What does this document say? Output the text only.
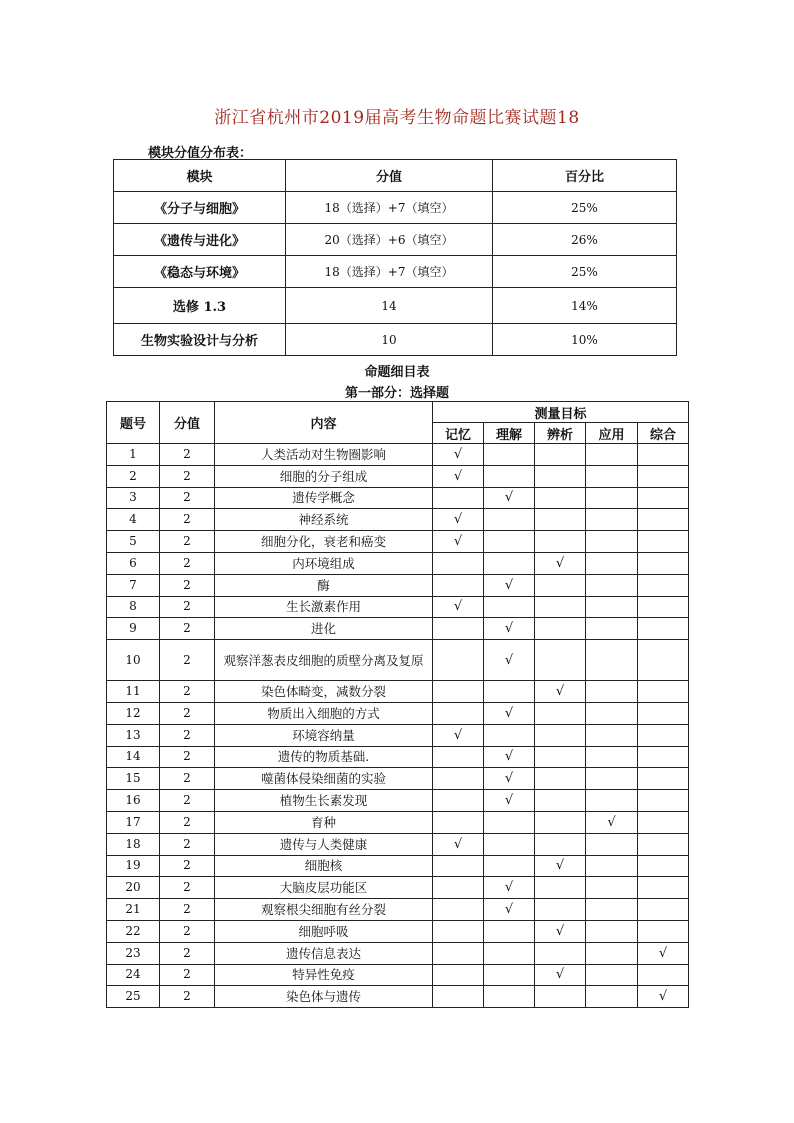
浙江省杭州市2019届高考生物命题比赛试题18
模块分值分布表：
模块	分值	百分比
《分子与细胞》	18（选择）+7（填空）	25%
《遗传与进化》	20（选择）+6（填空）	26%
《稳态与环境》	18（选择）+7（填空）	25%
选修 1.3	14	14%
生物实验设计与分析	10	10%
命题细目表
第一部分：选择题
题号	分值	内容	测量目标				
			记忆	理解	辨析	应用	综合
1	2	人类活动对生物圈影响	√				
2	2	细胞的分子组成	√				
3	2	遗传学概念		√			
4	2	神经系统	√				
5	2	细胞分化，衰老和癌变	√				
6	2	内环境组成			√		
7	2	酶		√			
8	2	生长激素作用	√				
9	2	进化		√			
10	2	观察洋葱表皮细胞的质壁分离及复原		√			
11	2	染色体畸变，减数分裂			√		
12	2	物质出入细胞的方式		√			
13	2	环境容纳量	√				
14	2	遗传的物质基础.		√			
15	2	噬菌体侵染细菌的实验		√			
16	2	植物生长素发现		√			
17	2	育种				√	
18	2	遗传与人类健康	√				
19	2	细胞核			√		
20	2	大脑皮层功能区		√			
21	2	观察根尖细胞有丝分裂		√			
22	2	细胞呼吸			√		
23	2	遗传信息表达					√
24	2	特异性免疫			√		
25	2	染色体与遗传					√
